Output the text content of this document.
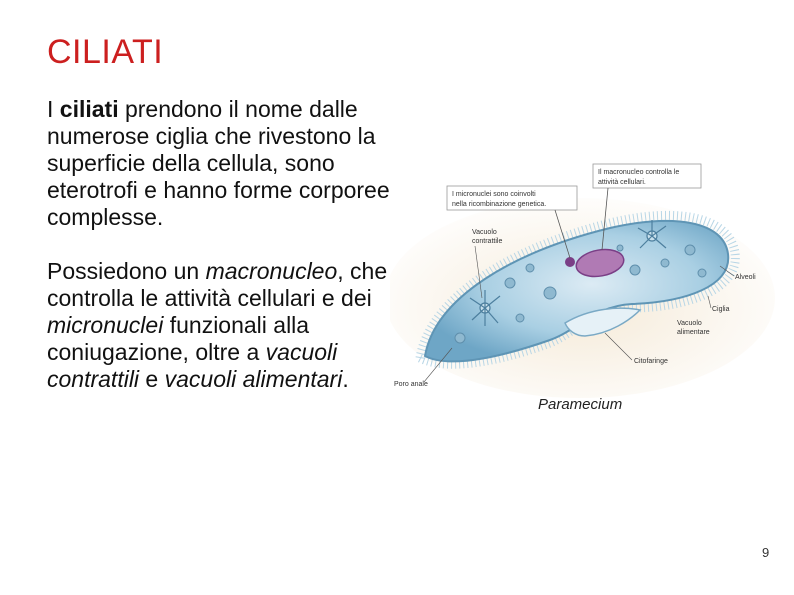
CILIATI

I ciliati prendono il nome dalle numerose ciglia che rivestono la superficie della cellula, sono eterotrofi e hanno forme corporee complesse.

Possiedono un macronucleo, che controlla le attività cellulari e dei micronuclei funzionali alla coniugazione, oltre a vacuoli contrattili e vacuoli alimentari.

I micronuclei sono coinvolti
nella ricombinazione genetica.
Il macronucleo controlla le
attività cellulari.
Vacuolo
contrattile
Alveoli
Ciglia
Vacuolo
alimentare
Citofaringe
Poro anale
Paramecium
9
